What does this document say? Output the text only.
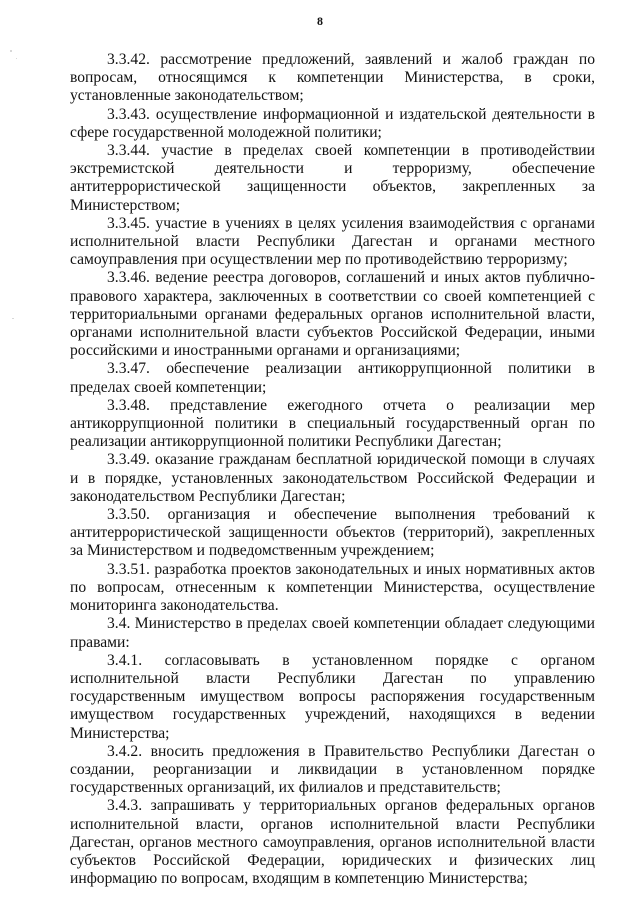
8

3.3.42. рассмотрение предложений, заявлений и жалоб граждан по вопросам, относящимся к компетенции Министерства, в сроки, установленные законодательством;

3.3.43. осуществление информационной и издательской деятельности в сфере государственной молодежной политики;

3.3.44. участие в пределах своей компетенции в противодействии экстремистской деятельности и терроризму, обеспечение антитеррористической защищенности объектов, закрепленных за Министерством;

3.3.45. участие в учениях в целях усиления взаимодействия с органами исполнительной власти Республики Дагестан и органами местного самоуправления при осуществлении мер по противодействию терроризму;

3.3.46. ведение реестра договоров, соглашений и иных актов публично-правового характера, заключенных в соответствии со своей компетенцией с территориальными органами федеральных органов исполнительной власти, органами исполнительной власти субъектов Российской Федерации, иными российскими и иностранными органами и организациями;

3.3.47. обеспечение реализации антикоррупционной политики в пределах своей компетенции;

3.3.48. представление ежегодного отчета о реализации мер антикоррупционной политики в специальный государственный орган по реализации антикоррупционной политики Республики Дагестан;

3.3.49. оказание гражданам бесплатной юридической помощи в случаях и в порядке, установленных законодательством Российской Федерации и законодательством Республики Дагестан;

3.3.50. организация и обеспечение выполнения требований к антитеррористической защищенности объектов (территорий), закрепленных за Министерством и подведомственным учреждением;

3.3.51. разработка проектов законодательных и иных нормативных актов по вопросам, отнесенным к компетенции Министерства, осуществление мониторинга законодательства.

3.4. Министерство в пределах своей компетенции обладает следующими правами:

3.4.1. согласовывать в установленном порядке с органом исполнительной власти Республики Дагестан по управлению государственным имуществом вопросы распоряжения государственным имуществом государственных учреждений, находящихся в ведении Министерства;

3.4.2. вносить предложения в Правительство Республики Дагестан о создании, реорганизации и ликвидации в установленном порядке государственных организаций, их филиалов и представительств;

3.4.3. запрашивать у территориальных органов федеральных органов исполнительной власти, органов исполнительной власти Республики Дагестан, органов местного самоуправления, органов исполнительной власти субъектов Российской Федерации, юридических и физических лиц информацию по вопросам, входящим в компетенцию Министерства;
